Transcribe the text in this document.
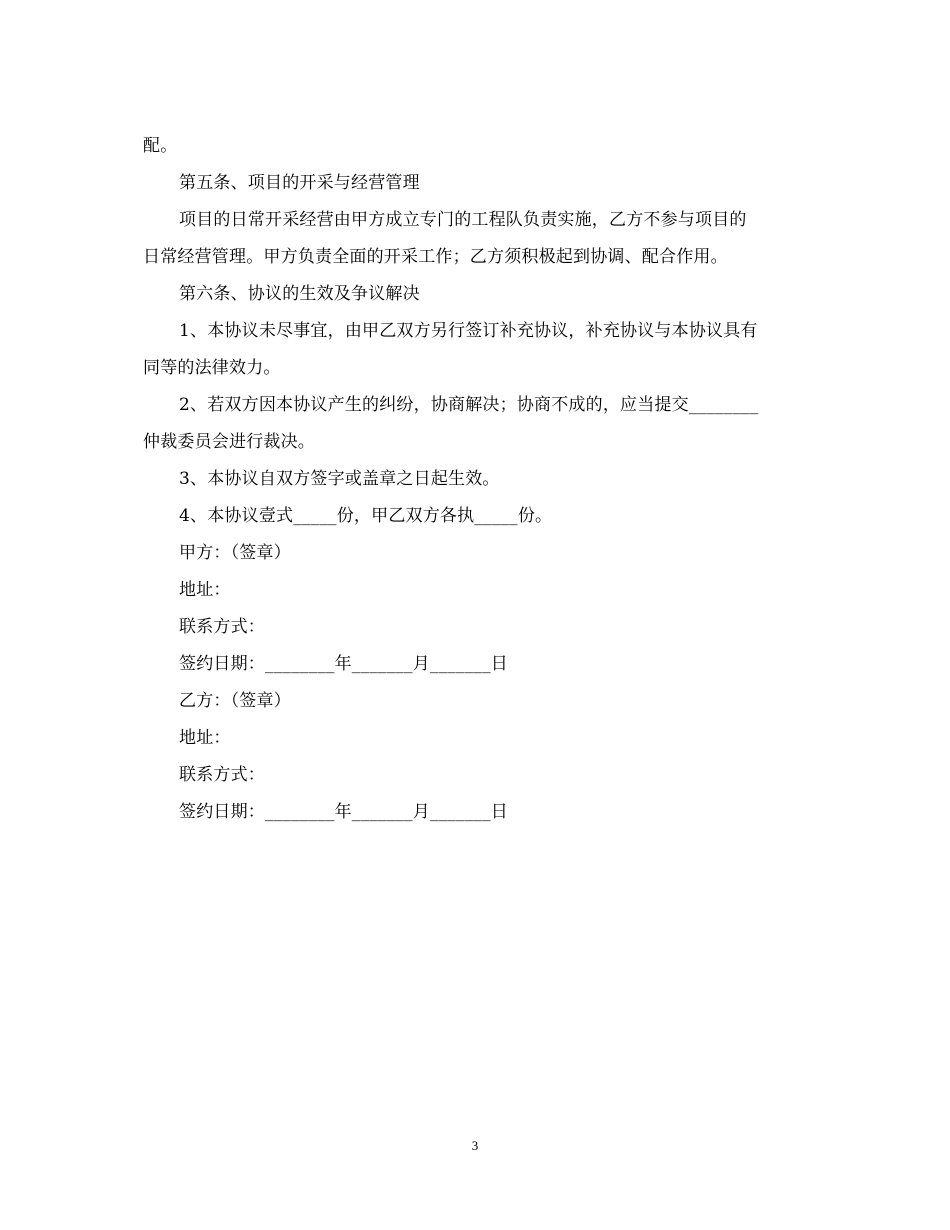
配。
第五条、项目的开采与经营管理
项目的日常开采经营由甲方成立专门的工程队负责实施，乙方不参与项目的
日常经营管理。甲方负责全面的开采工作；乙方须积极起到协调、配合作用。
第六条、协议的生效及争议解决
1、本协议未尽事宜，由甲乙双方另行签订补充协议，补充协议与本协议具有
同等的法律效力。
2、若双方因本协议产生的纠纷，协商解决；协商不成的，应当提交________
仲裁委员会进行裁决。
3、本协议自双方签字或盖章之日起生效。
4、本协议壹式_____份，甲乙双方各执_____份。
甲方：（签章）
地址：
联系方式：
签约日期：________年_______月_______日
乙方：（签章）
地址：
联系方式：
签约日期：________年_______月_______日
3
